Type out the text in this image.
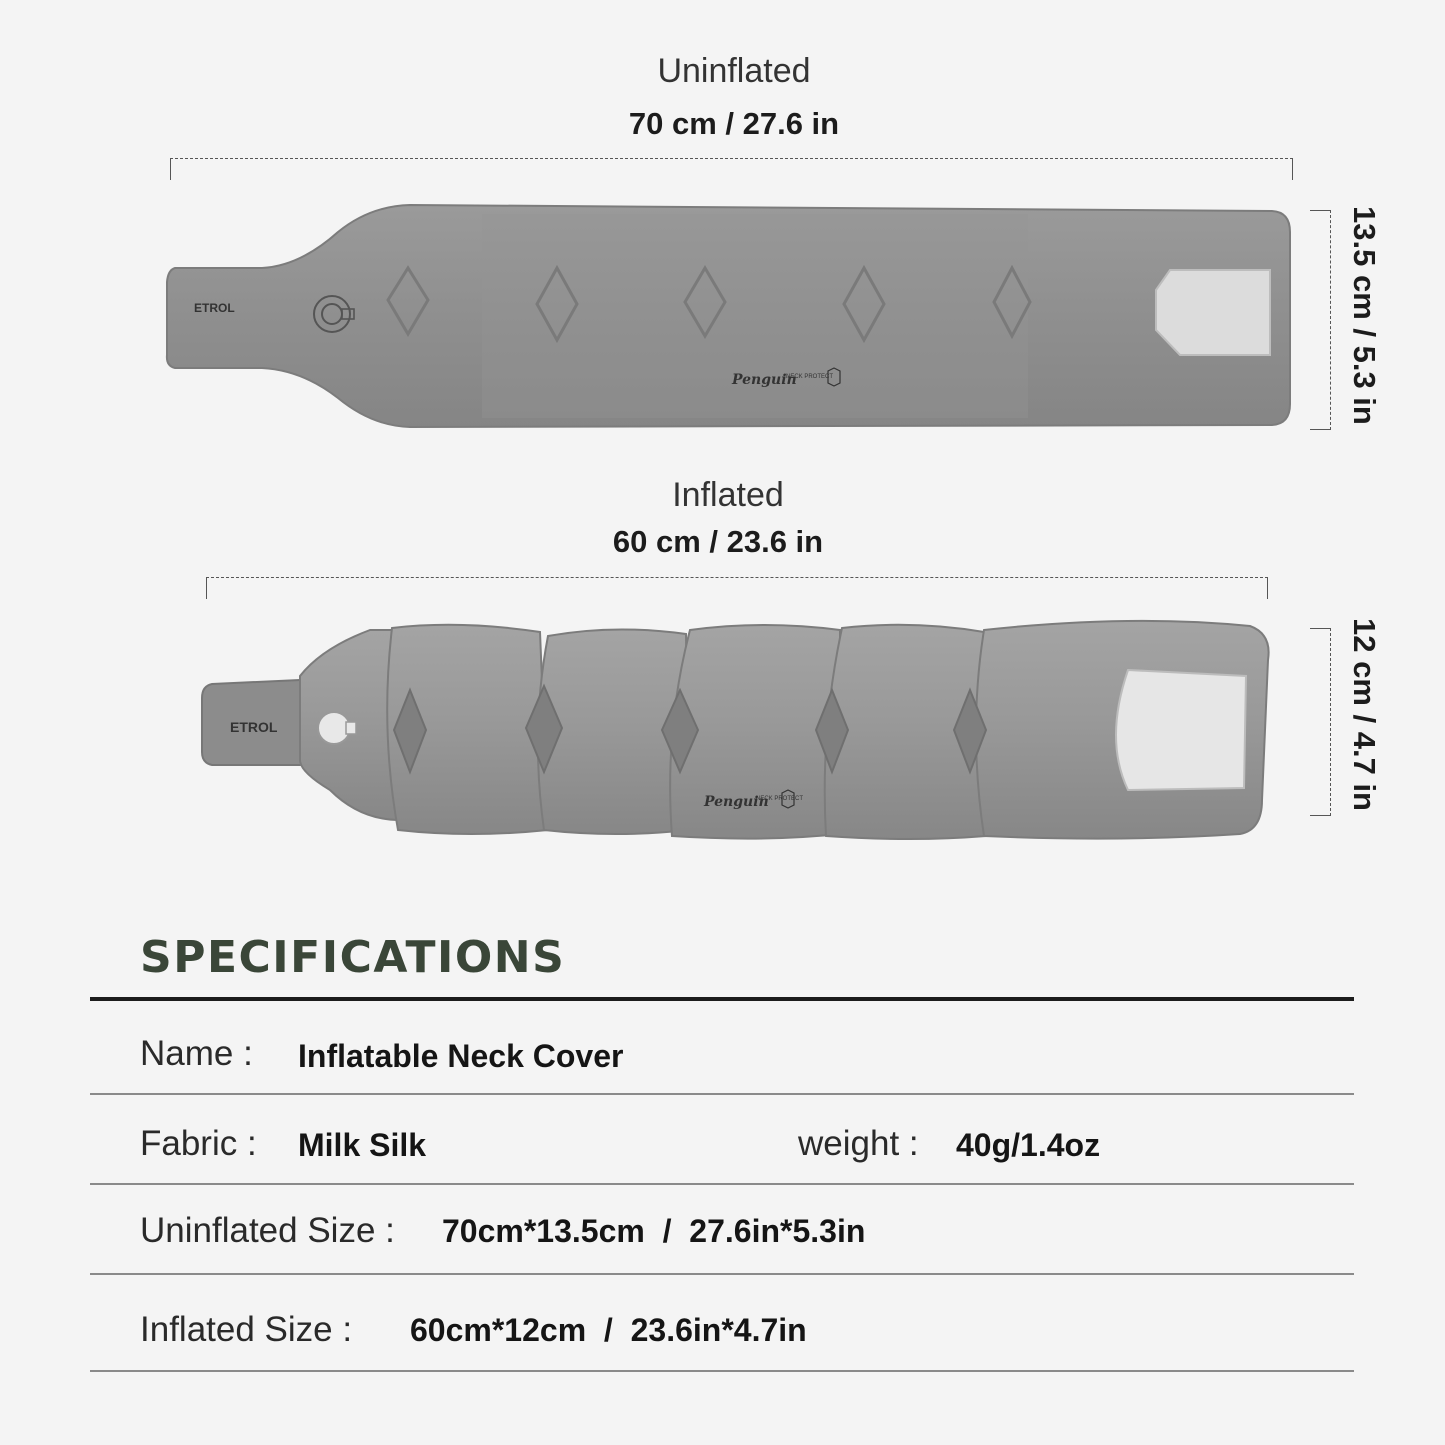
Uninflated
70 cm / 27.6 in
13.5 cm / 5.3 in
Inflated
60 cm / 23.6 in
12 cm / 4.7 in
ETROL
Penguin
NECK PROTECT
ETROL
Penguin
NECK PROTECT
SPECIFICATIONS
Name : Inflatable Neck Cover
Fabric : Milk Silk	weight : 40g/1.4oz
Uninflated Size : 70cm*13.5cm  /  27.6in*5.3in
Inflated Size : 60cm*12cm  /  23.6in*4.7in
